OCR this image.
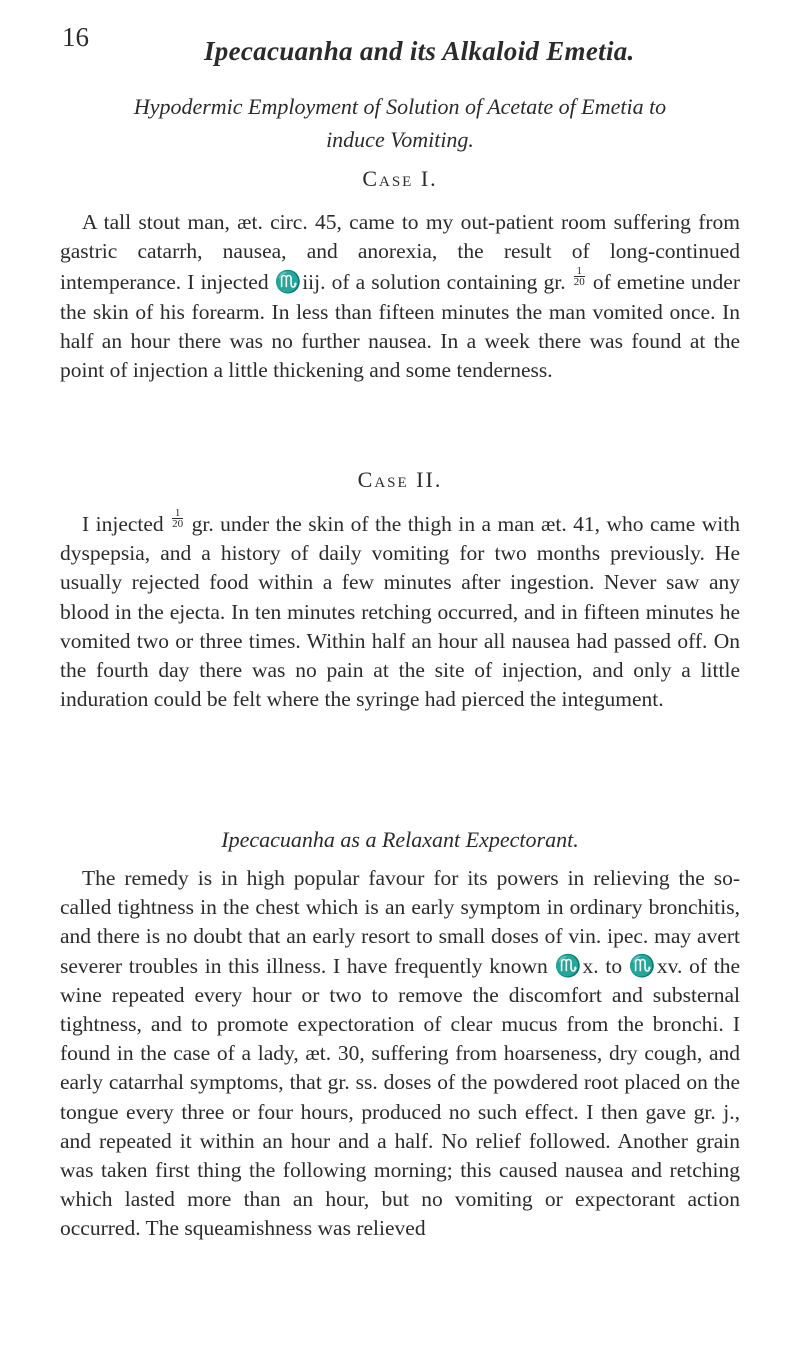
16	Ipecacuanha and its Alkaloid Emetia.
Hypodermic Employment of Solution of Acetate of Emetia to
induce Vomiting.
Case I.

A tall stout man, æt. circ. 45, came to my out-patient room suffering from gastric catarrh, nausea, and anorexia, the result of long-continued intemperance. I injected ♏iij. of a solution containing gr. $\frac{1}{20}$ of emetine under the skin of his forearm. In less than fifteen minutes the man vomited once. In half an hour there was no further nausea. In a week there was found at the point of injection a little thickening and some tenderness.

Case II.

I injected $\frac{1}{20}$ gr. under the skin of the thigh in a man æt. 41, who came with dyspepsia, and a history of daily vomiting for two months previously. He usually rejected food within a few minutes after ingestion. Never saw any blood in the ejecta. In ten minutes retching occurred, and in fifteen minutes he vomited two or three times. Within half an hour all nausea had passed off. On the fourth day there was no pain at the site of injection, and only a little induration could be felt where the syringe had pierced the integument.

Ipecacuanha as a Relaxant Expectorant.

The remedy is in high popular favour for its powers in relieving the so-called tightness in the chest which is an early symptom in ordinary bronchitis, and there is no doubt that an early resort to small doses of vin. ipec. may avert severer troubles in this illness. I have frequently known ♏x. to ♏xv. of the wine repeated every hour or two to remove the discomfort and substernal tightness, and to promote expectoration of clear mucus from the bronchi. I found in the case of a lady, æt. 30, suffering from hoarseness, dry cough, and early catarrhal symptoms, that gr. ss. doses of the powdered root placed on the tongue every three or four hours, produced no such effect. I then gave gr. j., and repeated it within an hour and a half. No relief followed. Another grain was taken first thing the following morning; this caused nausea and retching which lasted more than an hour, but no vomiting or expectorant action occurred. The squeamishness was relieved
